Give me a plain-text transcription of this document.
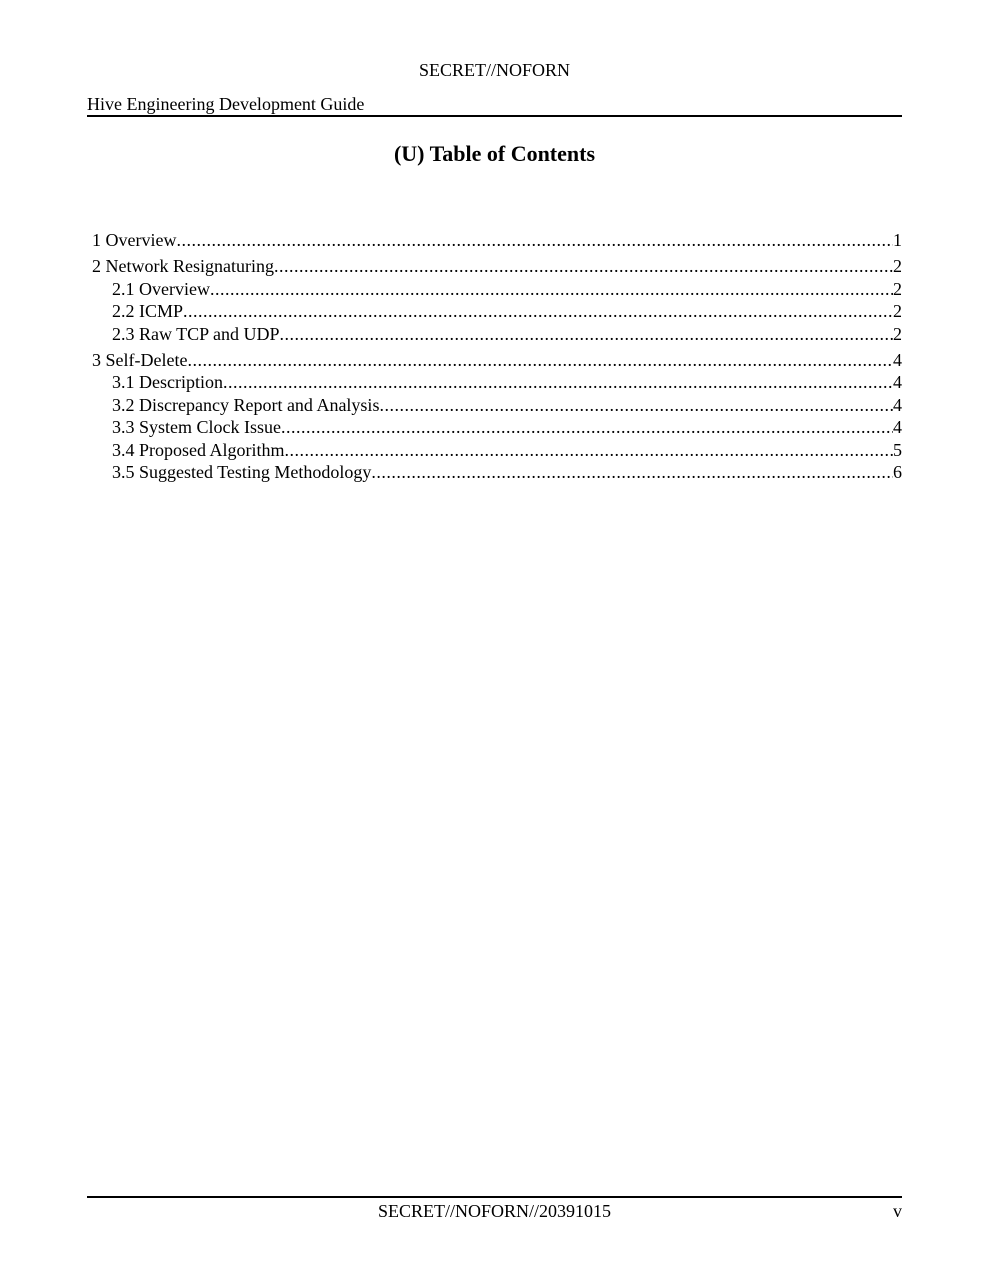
SECRET//NOFORN
Hive Engineering Development Guide
(U) Table of Contents
1 Overview .....	1
2 Network Resignaturing .....	2
2.1 Overview .....	2
2.2 ICMP .....	2
2.3 Raw TCP and UDP .....	2
3 Self-Delete .....	4
3.1 Description .....	4
3.2 Discrepancy Report and Analysis .....	4
3.3 System Clock Issue .....	4
3.4 Proposed Algorithm .....	5
3.5 Suggested Testing Methodology .....	6
SECRET//NOFORN//20391015	v
